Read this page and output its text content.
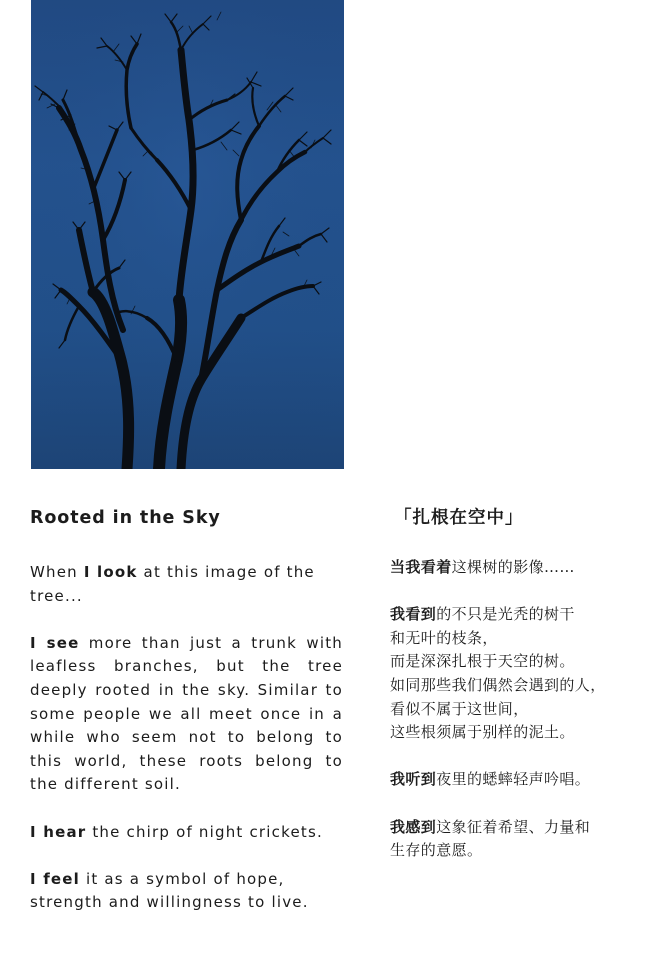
Rooted in the Sky

When I look at this image of the tree...

I see more than just a trunk with leafless branches, but the tree deeply rooted in the sky. Similar to some people we all meet once in a while who seem not to belong to this world, these roots belong to the different soil.

I hear the chirp of night crickets.

I feel it as a symbol of hope, strength and willingness to live.

「扎根在空中」

当我看着这棵树的影像……

我看到的不只是光秃的树干
和无叶的枝条，
而是深深扎根于天空的树。
如同那些我们偶然会遇到的人，
看似不属于这世间，
这些根须属于别样的泥土。

我听到夜里的蟋蟀轻声吟唱。

我感到这象征着希望、力量和
生存的意愿。
